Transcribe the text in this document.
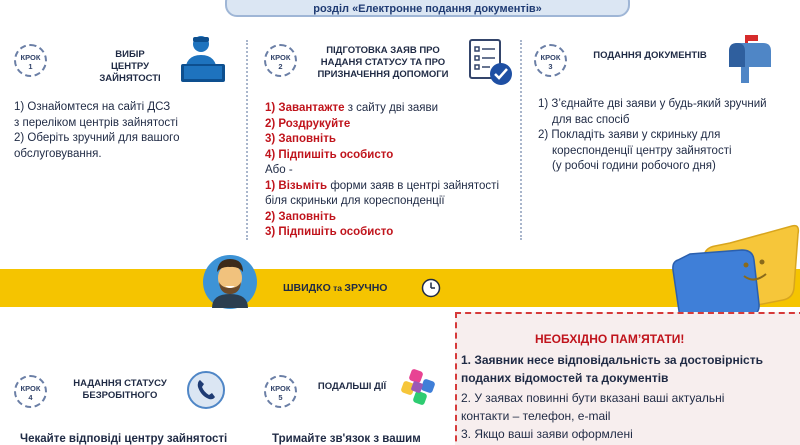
розділ «Електронне подання документів»
КРОК
1
ВИБІР
ЦЕНТРУ ЗАЙНЯТОСТІ
1) Ознайомтеся на сайті ДСЗ
з переліком центрів зайнятості
2) Оберіть зручний для вашого
обслуговування.
КРОК
2
ПІДГОТОВКА ЗАЯВ ПРО
НАДАНЯ СТАТУСУ ТА ПРО
ПРИЗНАЧЕННЯ ДОПОМОГИ
1) Завантажте з сайту дві заяви
2) Роздрукуйте
3) Заповніть
4) Підпишіть особисто
Або -
1) Візьміть форми заяв в центрі зайнятості
біля скриньки для кореспонденції
2) Заповніть
3) Підпишіть особисто
КРОК
3
ПОДАННЯ ДОКУМЕНТІВ
1) З’єднайте дві заяви у будь-який зручний
для вас спосіб
2) Покладіть заяви у скриньку для
кореспонденції центру зайнятості
(у робочі години робочого дня)
ШВИДКО та ЗРУЧНО
НЕОБХІДНО ПАМ’ЯТАТИ!
1. Заявник несе відповідальність за достовірність
поданих відомостей та документів
2. У заявах повинні бути вказані ваші актуальні
контакти – телефон, e-mail
3. Якщо ваші заяви оформлені
КРОК
4
НАДАННЯ СТАТУСУ
БЕЗРОБІТНОГО
Чекайте відповіді центру зайнятості
КРОК
5
ПОДАЛЬШІ ДІЇ
Тримайте зв'язок з вашим
